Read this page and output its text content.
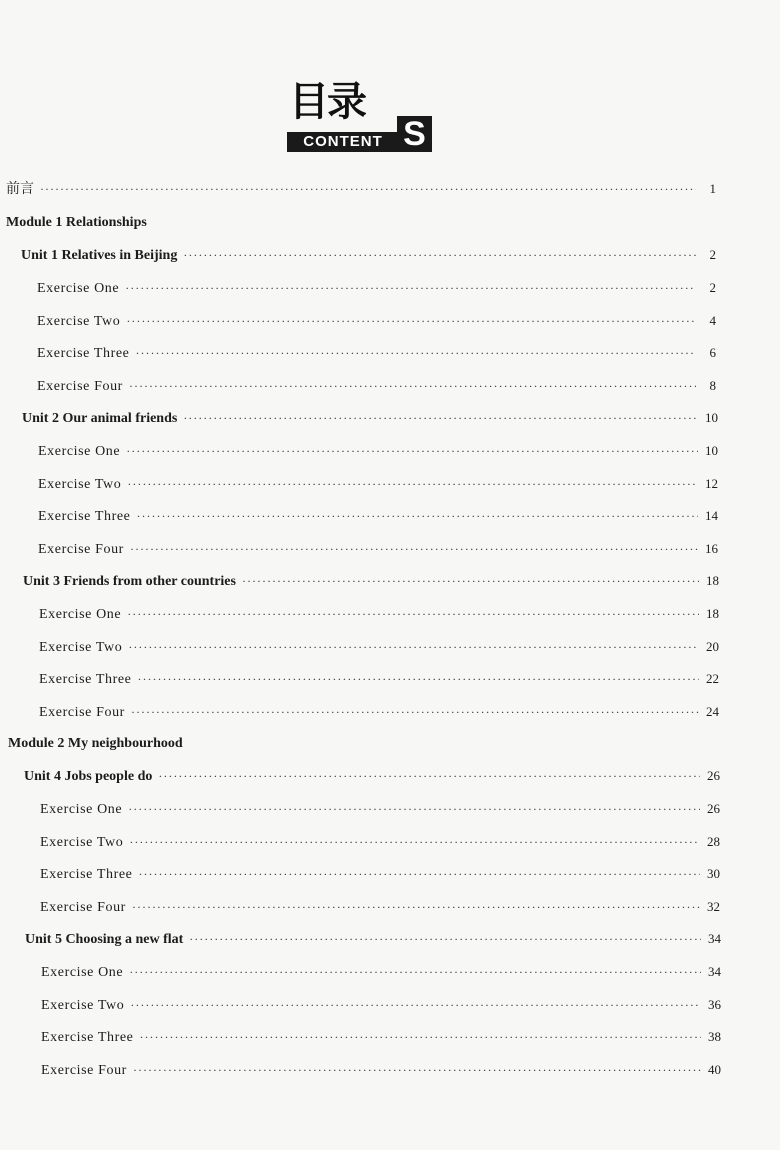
目录
CONTENT S
前言 ·····	1
Module 1 Relationships
Unit 1 Relatives in Beijing ·····	2
Exercise One ·····	2
Exercise Two ·····	4
Exercise Three ·····	6
Exercise Four ·····	8
Unit 2 Our animal friends ·····	10
Exercise One ·····	10
Exercise Two ·····	12
Exercise Three ·····	14
Exercise Four ·····	16
Unit 3 Friends from other countries ·····	18
Exercise One ·····	18
Exercise Two ·····	20
Exercise Three ·····	22
Exercise Four ·····	24
Module 2 My neighbourhood
Unit 4 Jobs people do ·····	26
Exercise One ·····	26
Exercise Two ·····	28
Exercise Three ·····	30
Exercise Four ·····	32
Unit 5 Choosing a new flat ·····	34
Exercise One ·····	34
Exercise Two ·····	36
Exercise Three ·····	38
Exercise Four ·····	40
